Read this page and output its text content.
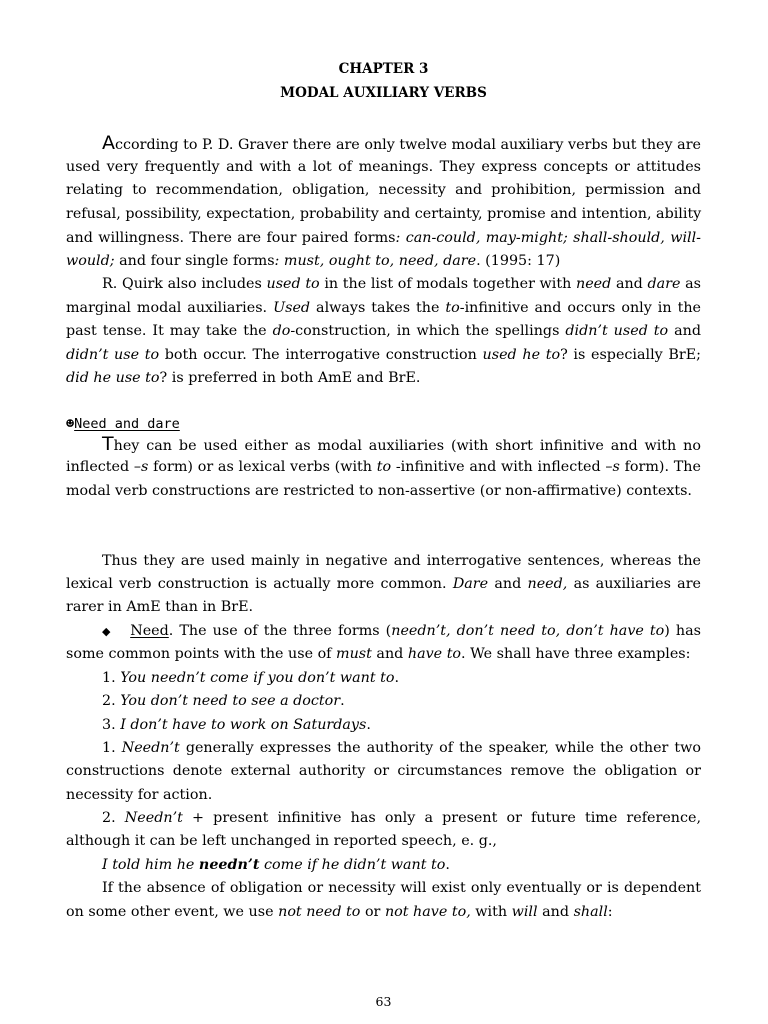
CHAPTER 3
MODAL AUXILIARY VERBS
According to P. D. Graver there are only twelve modal auxiliary verbs but they are
used very frequently and with a lot of meanings. They express concepts or attitudes
relating to recommendation, obligation, necessity and prohibition, permission and
refusal, possibility, expectation, probability and certainty, promise and intention, ability
and willingness. There are four paired forms: can-could, may-might; shall-should, will-
would; and four single forms: must, ought to, need, dare. (1995: 17)
R. Quirk also includes used to in the list of modals together with need and dare as
marginal modal auxiliaries. Used always takes the to-infinitive and occurs only in the
past tense. It may take the do-construction, in which the spellings didn’t used to and
didn’t use to both occur. The interrogative construction used he to? is especially BrE;
did he use to? is preferred in both AmE and BrE.
☻Need and dare
They can be used either as modal auxiliaries (with short infinitive and with no
inflected –s form) or as lexical verbs (with to -infinitive and with inflected –s form). The
modal verb constructions are restricted to non-assertive (or non-affirmative) contexts.
Thus they are used mainly in negative and interrogative sentences, whereas the
lexical verb construction is actually more common. Dare and need, as auxiliaries are
rarer in AmE than in BrE.
◆ Need. The use of the three forms (needn’t, don’t need to, don’t have to) has
some common points with the use of must and have to. We shall have three examples:
1. You needn’t come if you don’t want to.
2. You don’t need to see a doctor.
3. I don’t have to work on Saturdays.
1. Needn’t generally expresses the authority of the speaker, while the other two
constructions denote external authority or circumstances remove the obligation or
necessity for action.
2. Needn’t + present infinitive has only a present or future time reference,
although it can be left unchanged in reported speech, e. g.,
I told him he needn’t come if he didn’t want to.
If the absence of obligation or necessity will exist only eventually or is dependent
on some other event, we use not need to or not have to, with will and shall:
63
